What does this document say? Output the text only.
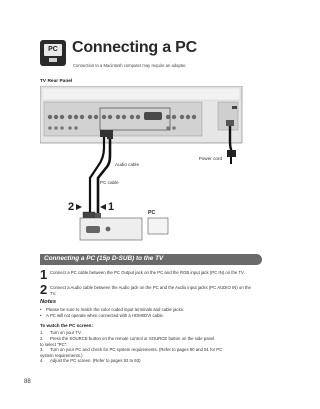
PC Connecting a PC
Connection to a Macintosh computer may require an adapter.
TV Rear Panel
Audio cable
PC cable
Power cord
PC
2	1
Connecting a PC (15p D-SUB) to the TV
1 Connect a PC cable between the PC Output jack on the PC and the RGB input jack (PC IN) on the TV.
2 Connect a Audio cable between the Audio jack on the PC and the Audio input jacks (PC AUDIO IN) on the TV.
Notes
• Please be sure to match the color coded input terminals and cable jacks.
• A PC will not operate when connected with a HDMI/DVI cable.
To watch the PC screen:
1. Turn on your TV.
2. Press the SOURCE button on the remote control or SOURCE button on the side panel
to select "PC".
3. Turn on your PC and check for PC system requirements. (Refer to pages 90 and 91 for PC
system requirements.)
4. Adjust the PC screen. (Refer to pages 92 to 93)
88
